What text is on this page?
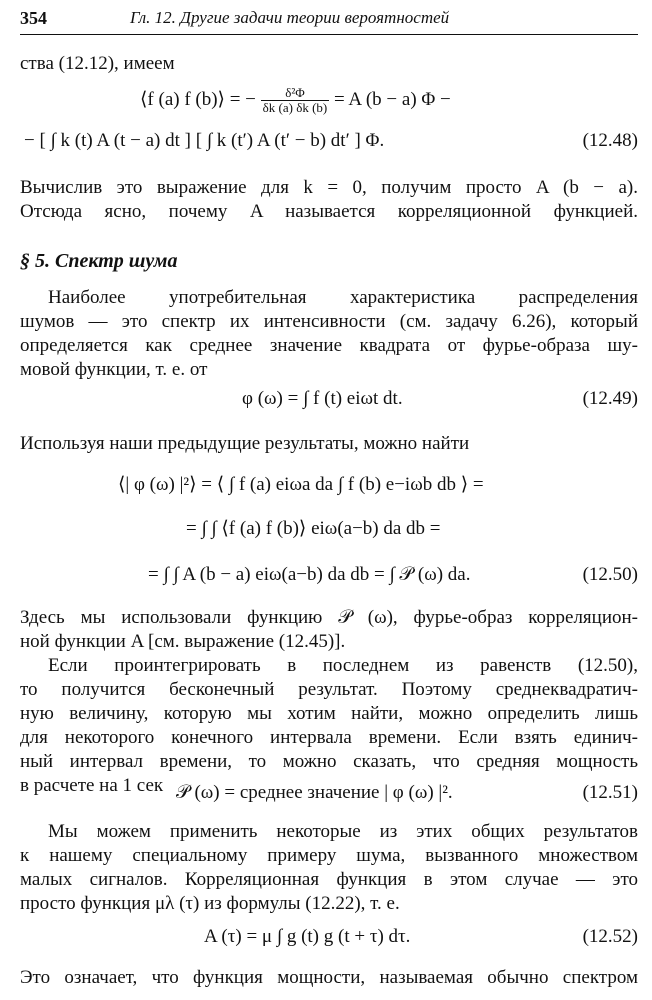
354	Гл. 12. Другие задачи теории вероятностей
ства (12.12), имеем
⟨f (a) f (b)⟩ = − $\frac{\text{δ²Φ}}{\delta k (a) \delta k (b)} = A$ (b − a) Φ −
− [ ∫ k (t) A (t − a) dt ] [ ∫ k (t′) A (t′ − b) dt′ ] Φ.	(12.48)
Вычислив это выражение для k = 0, получим просто A (b − a).
Отсюда ясно, почему A называется корреляционной функцией.
§ 5. Спектр шума
Наиболее употребительная характеристика распределения
шумов — это спектр их интенсивности (см. задачу 6.26), который
определяется как среднее значение квадрата от фурье-образа шу-
мовой функции, т. е. от
φ (ω) = ∫ f (t) eiωt dt.	(12.49)
Используя наши предыдущие результаты, можно найти
⟨| φ (ω) |²⟩ = ⟨ ∫ f (a) eiωa da ∫ f (b) e−iωb db ⟩ =
= ∫ ∫ ⟨f (a) f (b)⟩ eiω(a−b) da db =
= ∫ ∫ A (b − a) eiω(a−b) da db = ∫ 𝒫 (ω) da.	(12.50)
Здесь мы использовали функцию 𝒫 (ω), фурье-образ корреляцион-
ной функции A [см. выражение (12.45)].
Если проинтегрировать в последнем из равенств (12.50),
то получится бесконечный результат. Поэтому среднеквадратич-
ную величину, которую мы хотим найти, можно определить лишь
для некоторого конечного интервала времени. Если взять единич-
ный интервал времени, то можно сказать, что средняя мощность
в расчете на 1 сек 𝒫 (ω) = среднее значение | φ (ω) |².	(12.51)
Мы можем применить некоторые из этих общих результатов
к нашему специальному примеру шума, вызванного множеством
малых сигналов. Корреляционная функция в этом случае — это
просто функция μλ (τ) из формулы (12.22), т. е.
A (τ) = μ ∫ g (t) g (t + τ) dτ.	(12.52)
Это означает, что функция мощности, называемая обычно спектром
